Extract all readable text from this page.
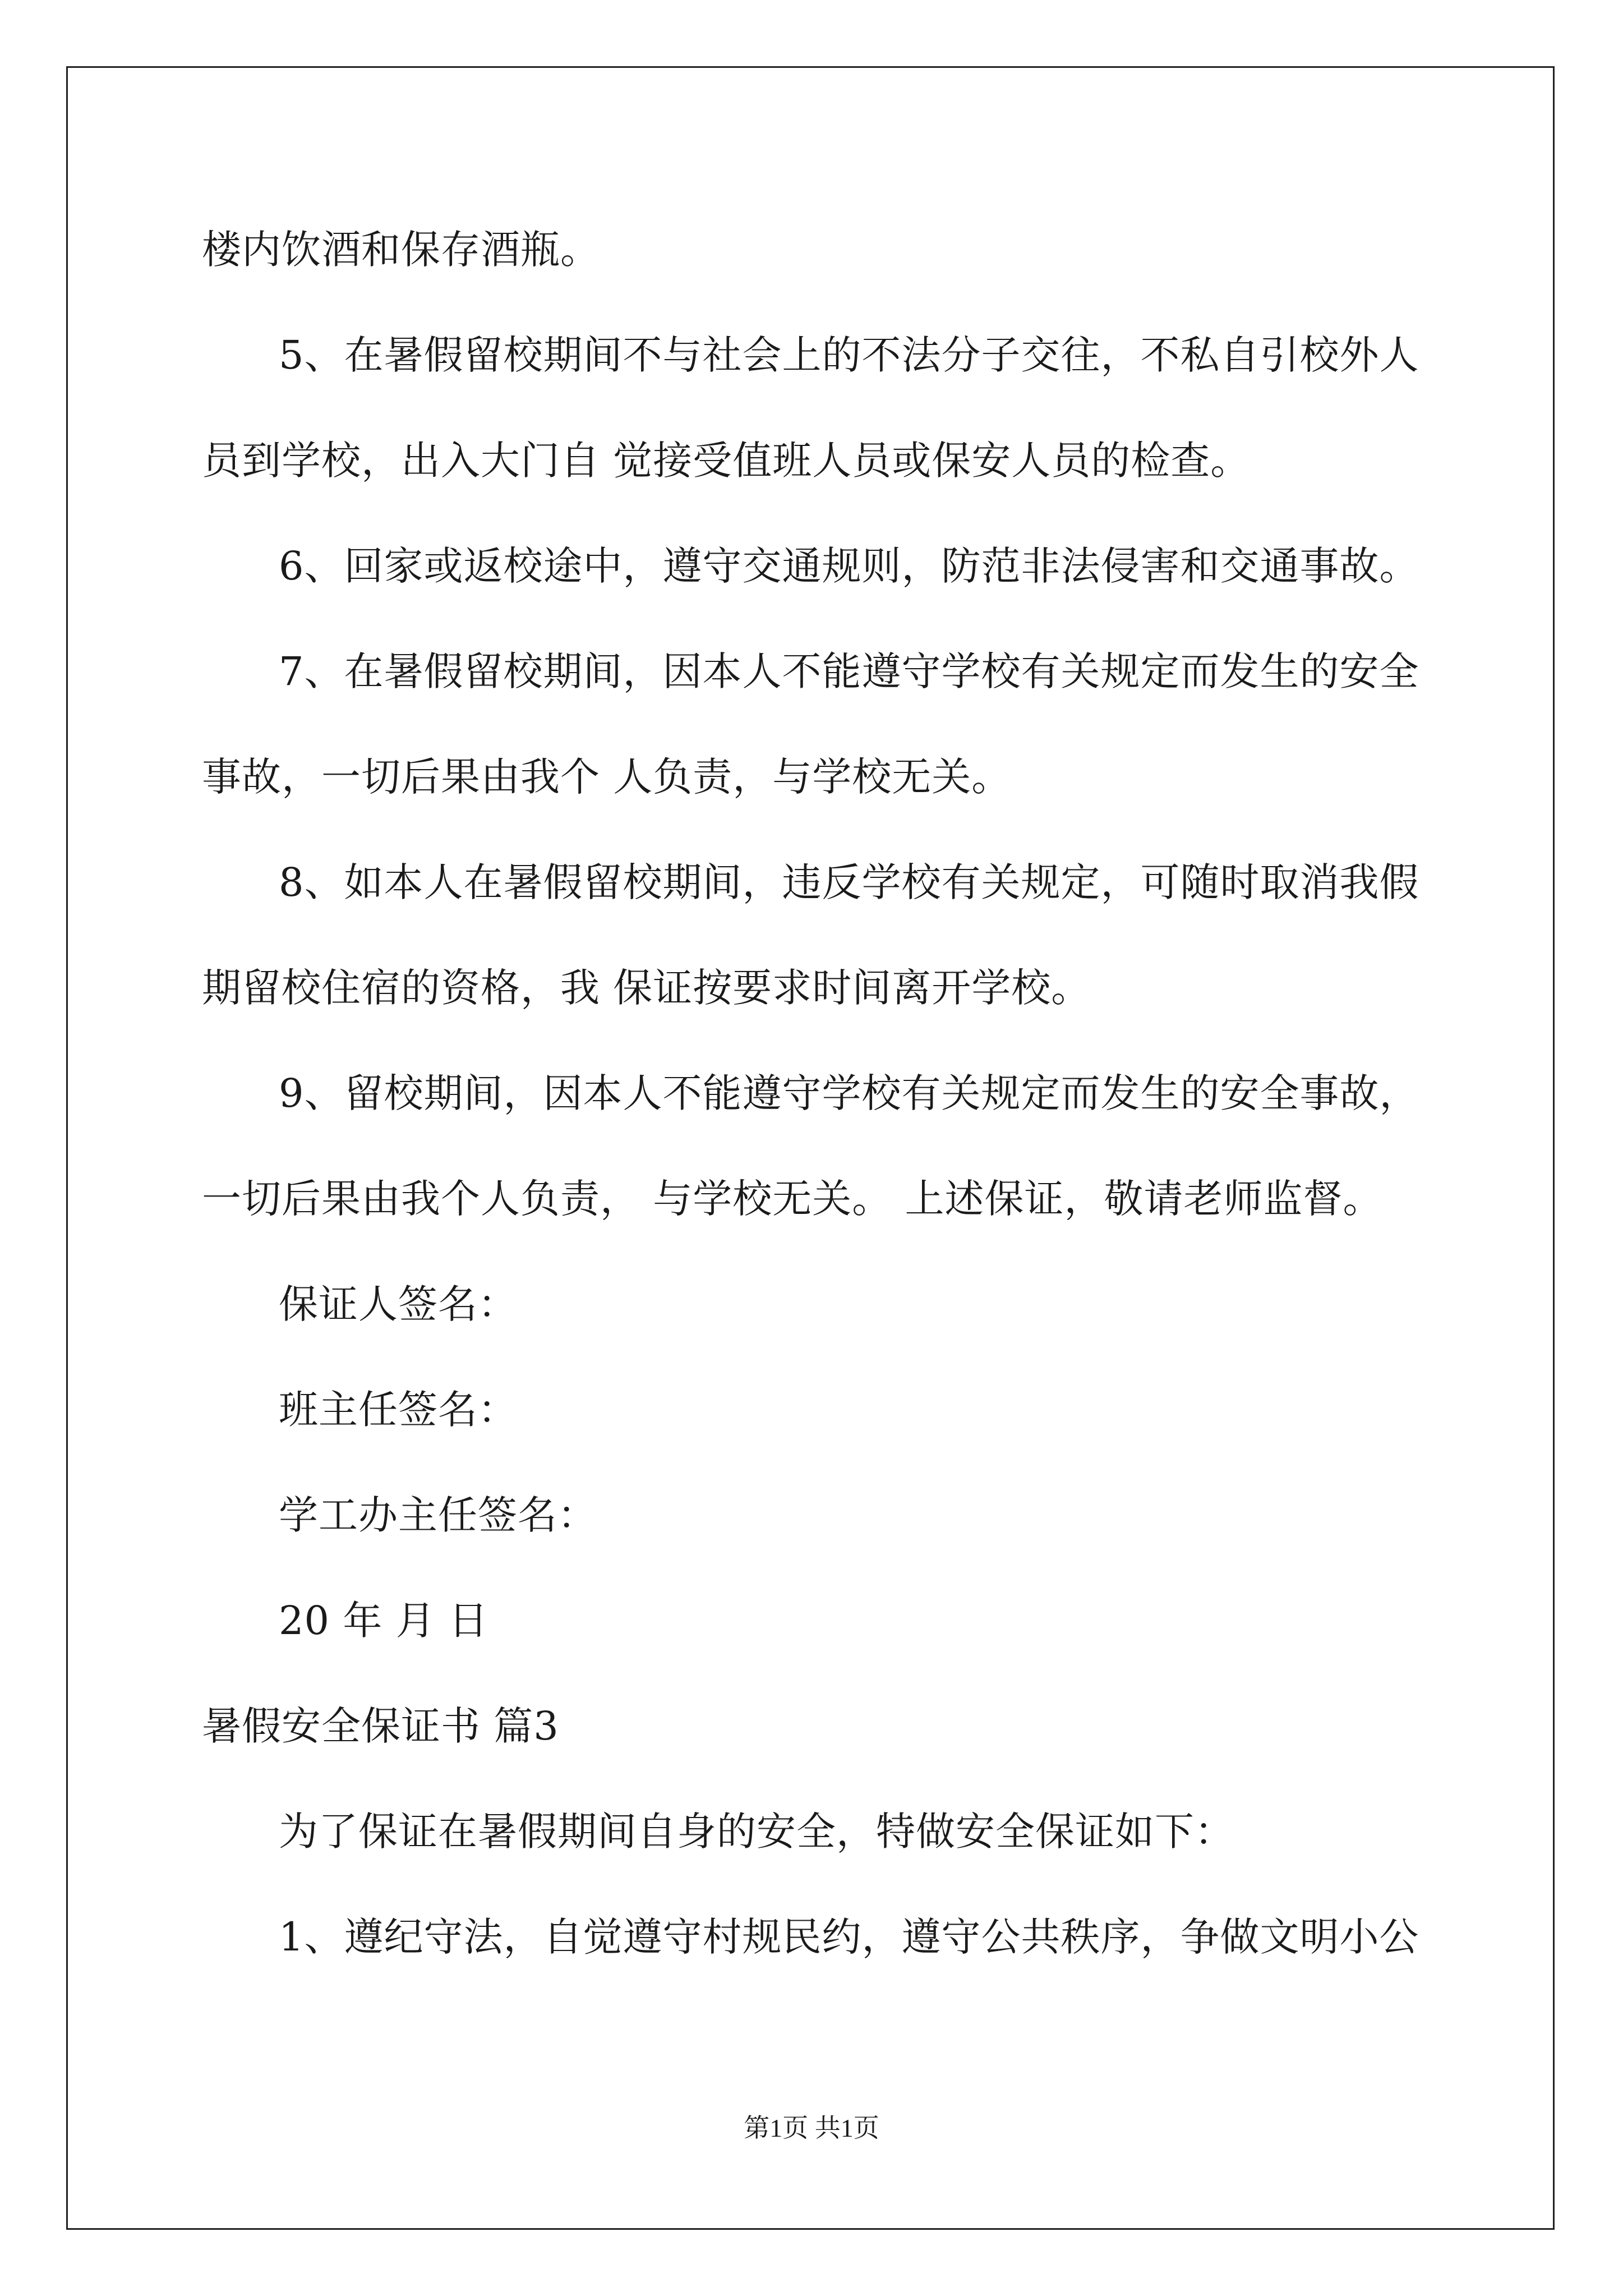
楼内饮酒和保存酒瓶。
5、在暑假留校期间不与社会上的不法分子交往，不私自引校外人
员到学校，出入大门自 觉接受值班人员或保安人员的检查。
6、回家或返校途中，遵守交通规则，防范非法侵害和交通事故。
7、在暑假留校期间，因本人不能遵守学校有关规定而发生的安全
事故，一切后果由我个 人负责，与学校无关。
8、如本人在暑假留校期间，违反学校有关规定，可随时取消我假
期留校住宿的资格，我 保证按要求时间离开学校。
9、留校期间，因本人不能遵守学校有关规定而发生的安全事故，
一切后果由我个人负责， 与学校无关。 上述保证，敬请老师监督。
保证人签名：
班主任签名：
学工办主任签名：
20 年 月 日
暑假安全保证书 篇3
为了保证在暑假期间自身的安全，特做安全保证如下：
1、遵纪守法，自觉遵守村规民约，遵守公共秩序，争做文明小公
第1页 共1页
